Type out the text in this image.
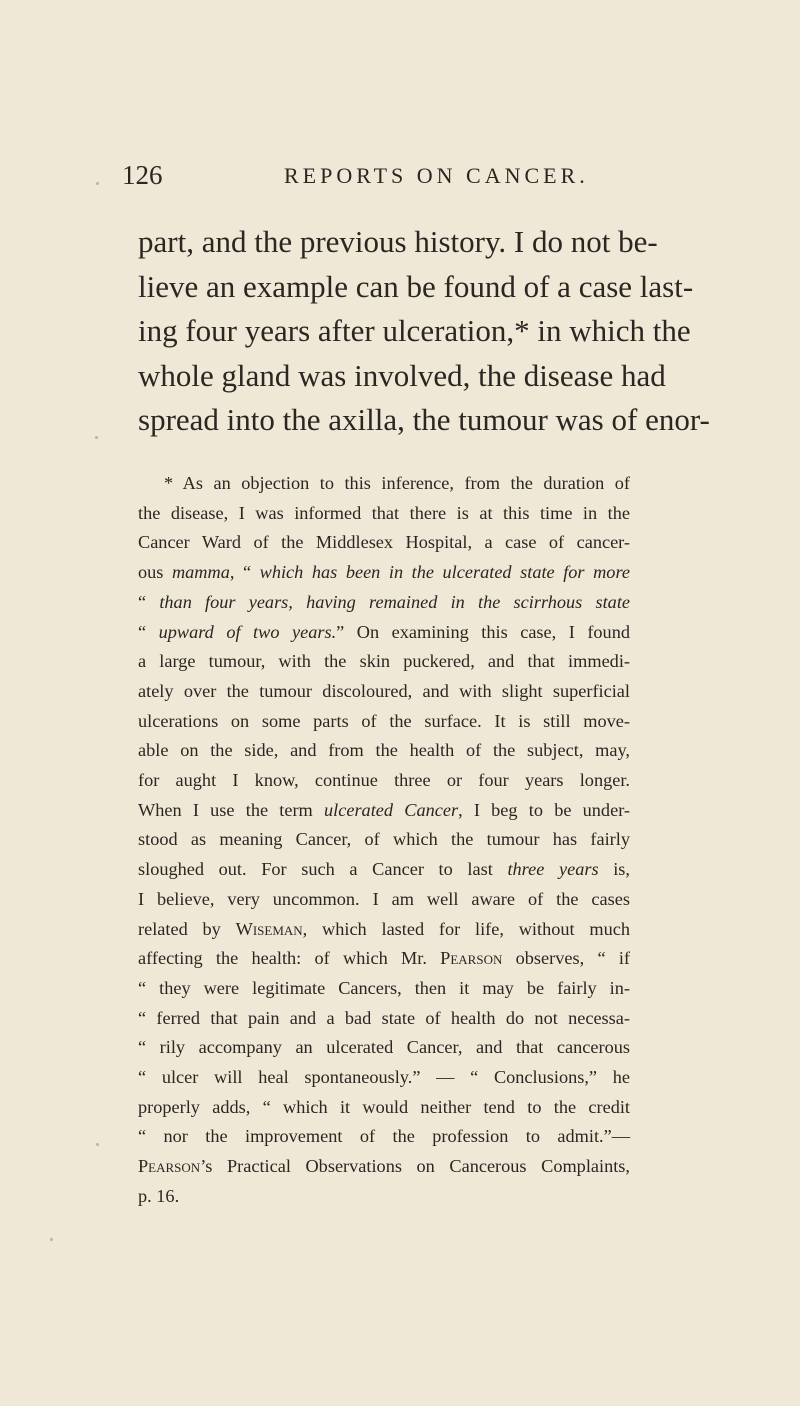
126	REPORTS ON CANCER.
part, and the previous history. I do not be-
lieve an example can be found of a case last-
ing four years after ulceration,* in which the
whole gland was involved, the disease had
spread into the axilla, the tumour was of enor-
* As an objection to this inference, from the duration of
the disease, I was informed that there is at this time in the
Cancer Ward of the Middlesex Hospital, a case of cancer-
ous mamma, “ which has been in the ulcerated state for more
“ than four years, having remained in the scirrhous state
“ upward of two years.” On examining this case, I found
a large tumour, with the skin puckered, and that immedi-
ately over the tumour discoloured, and with slight superficial
ulcerations on some parts of the surface. It is still move-
able on the side, and from the health of the subject, may,
for aught I know, continue three or four years longer.
When I use the term ulcerated Cancer, I beg to be under-
stood as meaning Cancer, of which the tumour has fairly
sloughed out. For such a Cancer to last three years is,
I believe, very uncommon. I am well aware of the cases
related by Wiseman, which lasted for life, without much
affecting the health: of which Mr. Pearson observes, “ if
“ they were legitimate Cancers, then it may be fairly in-
“ ferred that pain and a bad state of health do not necessa-
“ rily accompany an ulcerated Cancer, and that cancerous
“ ulcer will heal spontaneously.” — “ Conclusions,” he
properly adds, “ which it would neither tend to the credit
“ nor the improvement of the profession to admit.”—
Pearson’s Practical Observations on Cancerous Complaints,
p. 16.
